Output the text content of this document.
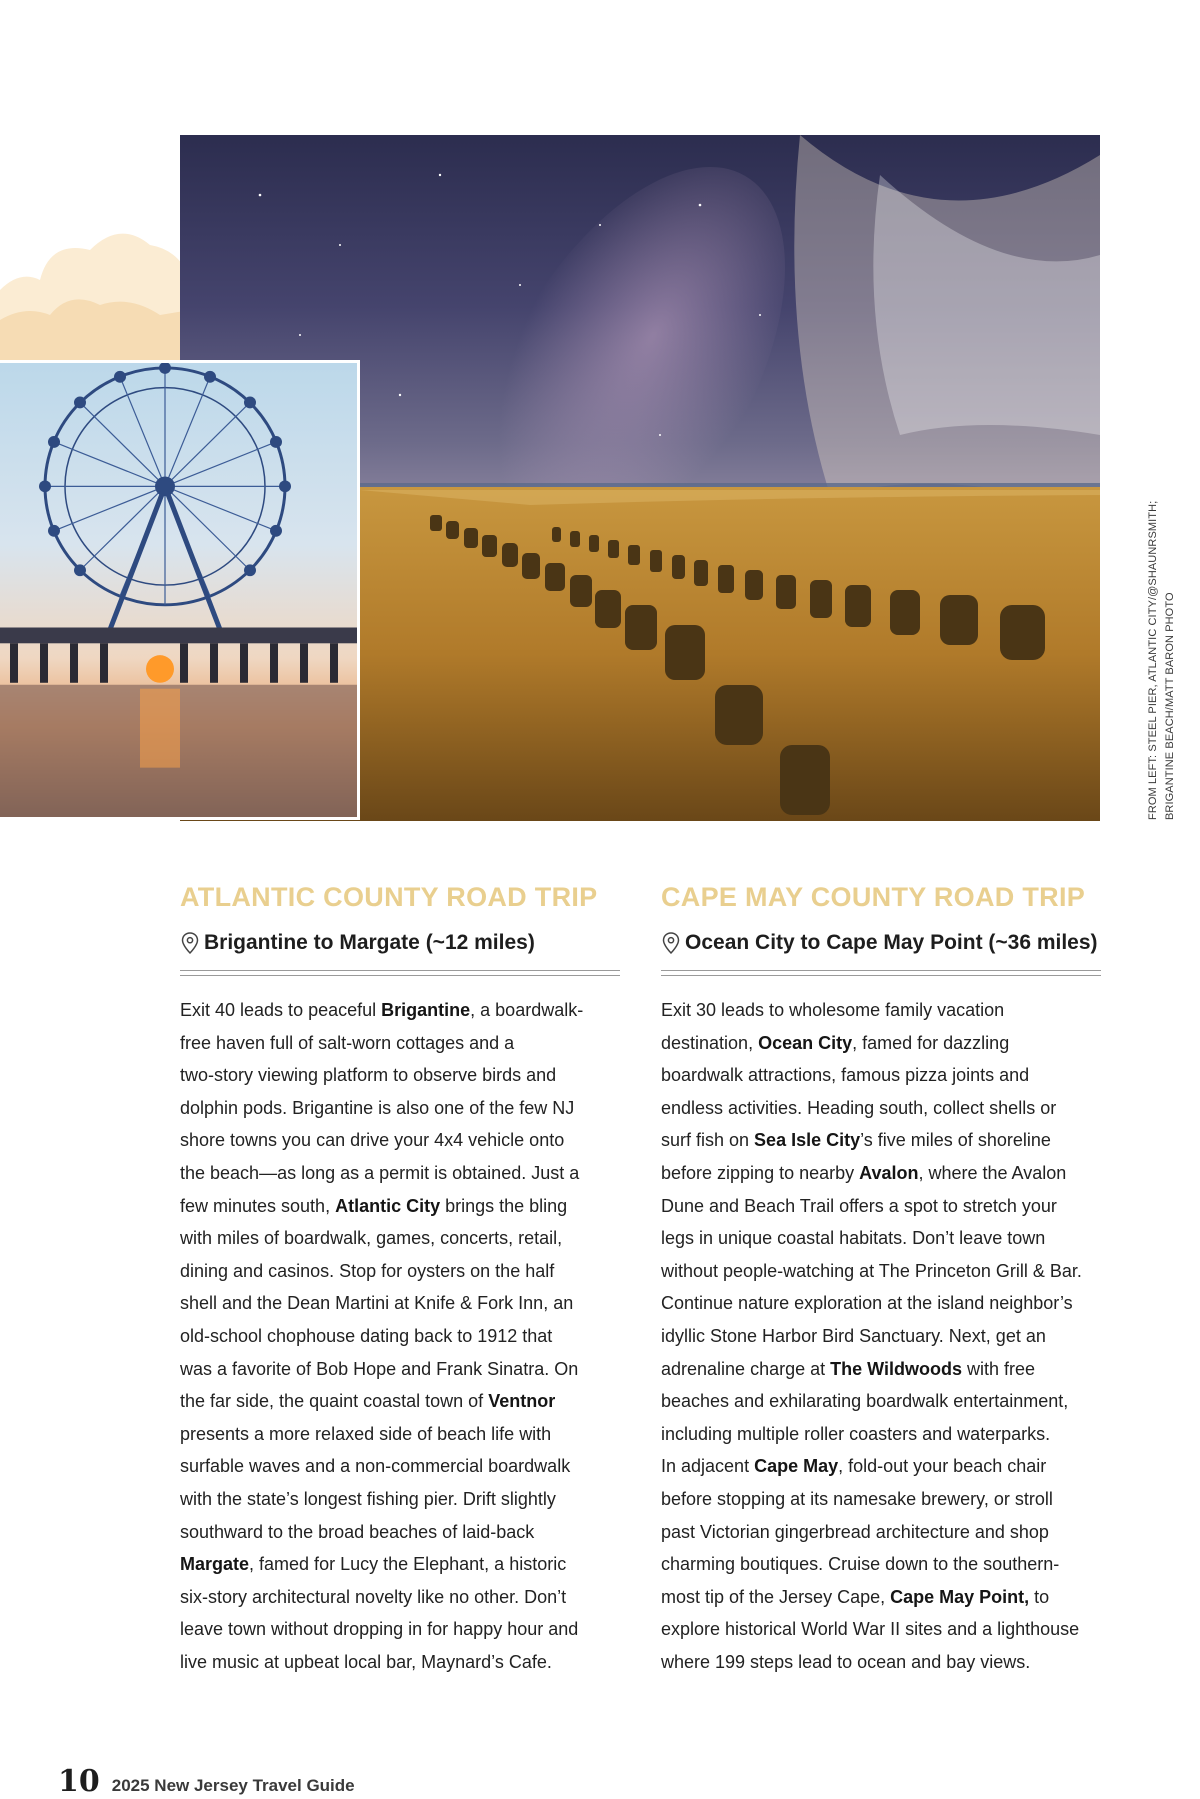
FROM LEFT: STEEL PIER, ATLANTIC CITY/@SHAUNRSMITH; BRIGANTINE BEACH/MATT BARON PHOTO
ATLANTIC COUNTY ROAD TRIP
Brigantine to Margate (~12 miles)

Exit 40 leads to peaceful Brigantine, a boardwalk-

free haven full of salt-worn cottages and a

two-story viewing platform to observe birds and

dolphin pods. Brigantine is also one of the few NJ

shore towns you can drive your 4x4 vehicle onto

the beach—as long as a permit is obtained. Just a

few minutes south, Atlantic City brings the bling

with miles of boardwalk, games, concerts, retail,

dining and casinos. Stop for oysters on the half

shell and the Dean Martini at Knife & Fork Inn, an

old-school chophouse dating back to 1912 that

was a favorite of Bob Hope and Frank Sinatra. On

the far side, the quaint coastal town of Ventnor

presents a more relaxed side of beach life with

surfable waves and a non-commercial boardwalk

with the state’s longest fishing pier. Drift slightly

southward to the broad beaches of laid-back

Margate, famed for Lucy the Elephant, a historic

six-story architectural novelty like no other. Don’t

leave town without dropping in for happy hour and

live music at upbeat local bar, Maynard’s Cafe.

CAPE MAY COUNTY ROAD TRIP
Ocean City to Cape May Point (~36 miles)

Exit 30 leads to wholesome family vacation

destination, Ocean City, famed for dazzling

boardwalk attractions, famous pizza joints and

endless activities. Heading south, collect shells or

surf fish on Sea Isle City’s five miles of shoreline

before zipping to nearby Avalon, where the Avalon

Dune and Beach Trail offers a spot to stretch your

legs in unique coastal habitats. Don’t leave town

without people-watching at The Princeton Grill & Bar.

Continue nature exploration at the island neighbor’s

idyllic Stone Harbor Bird Sanctuary. Next, get an

adrenaline charge at The Wildwoods with free

beaches and exhilarating boardwalk entertainment,

including multiple roller coasters and waterparks.

In adjacent Cape May, fold-out your beach chair

before stopping at its namesake brewery, or stroll

past Victorian gingerbread architecture and shop

charming boutiques. Cruise down to the southern-

most tip of the Jersey Cape, Cape May Point, to

explore historical World War II sites and a lighthouse

where 199 steps lead to ocean and bay views.

10 2025 New Jersey Travel Guide
